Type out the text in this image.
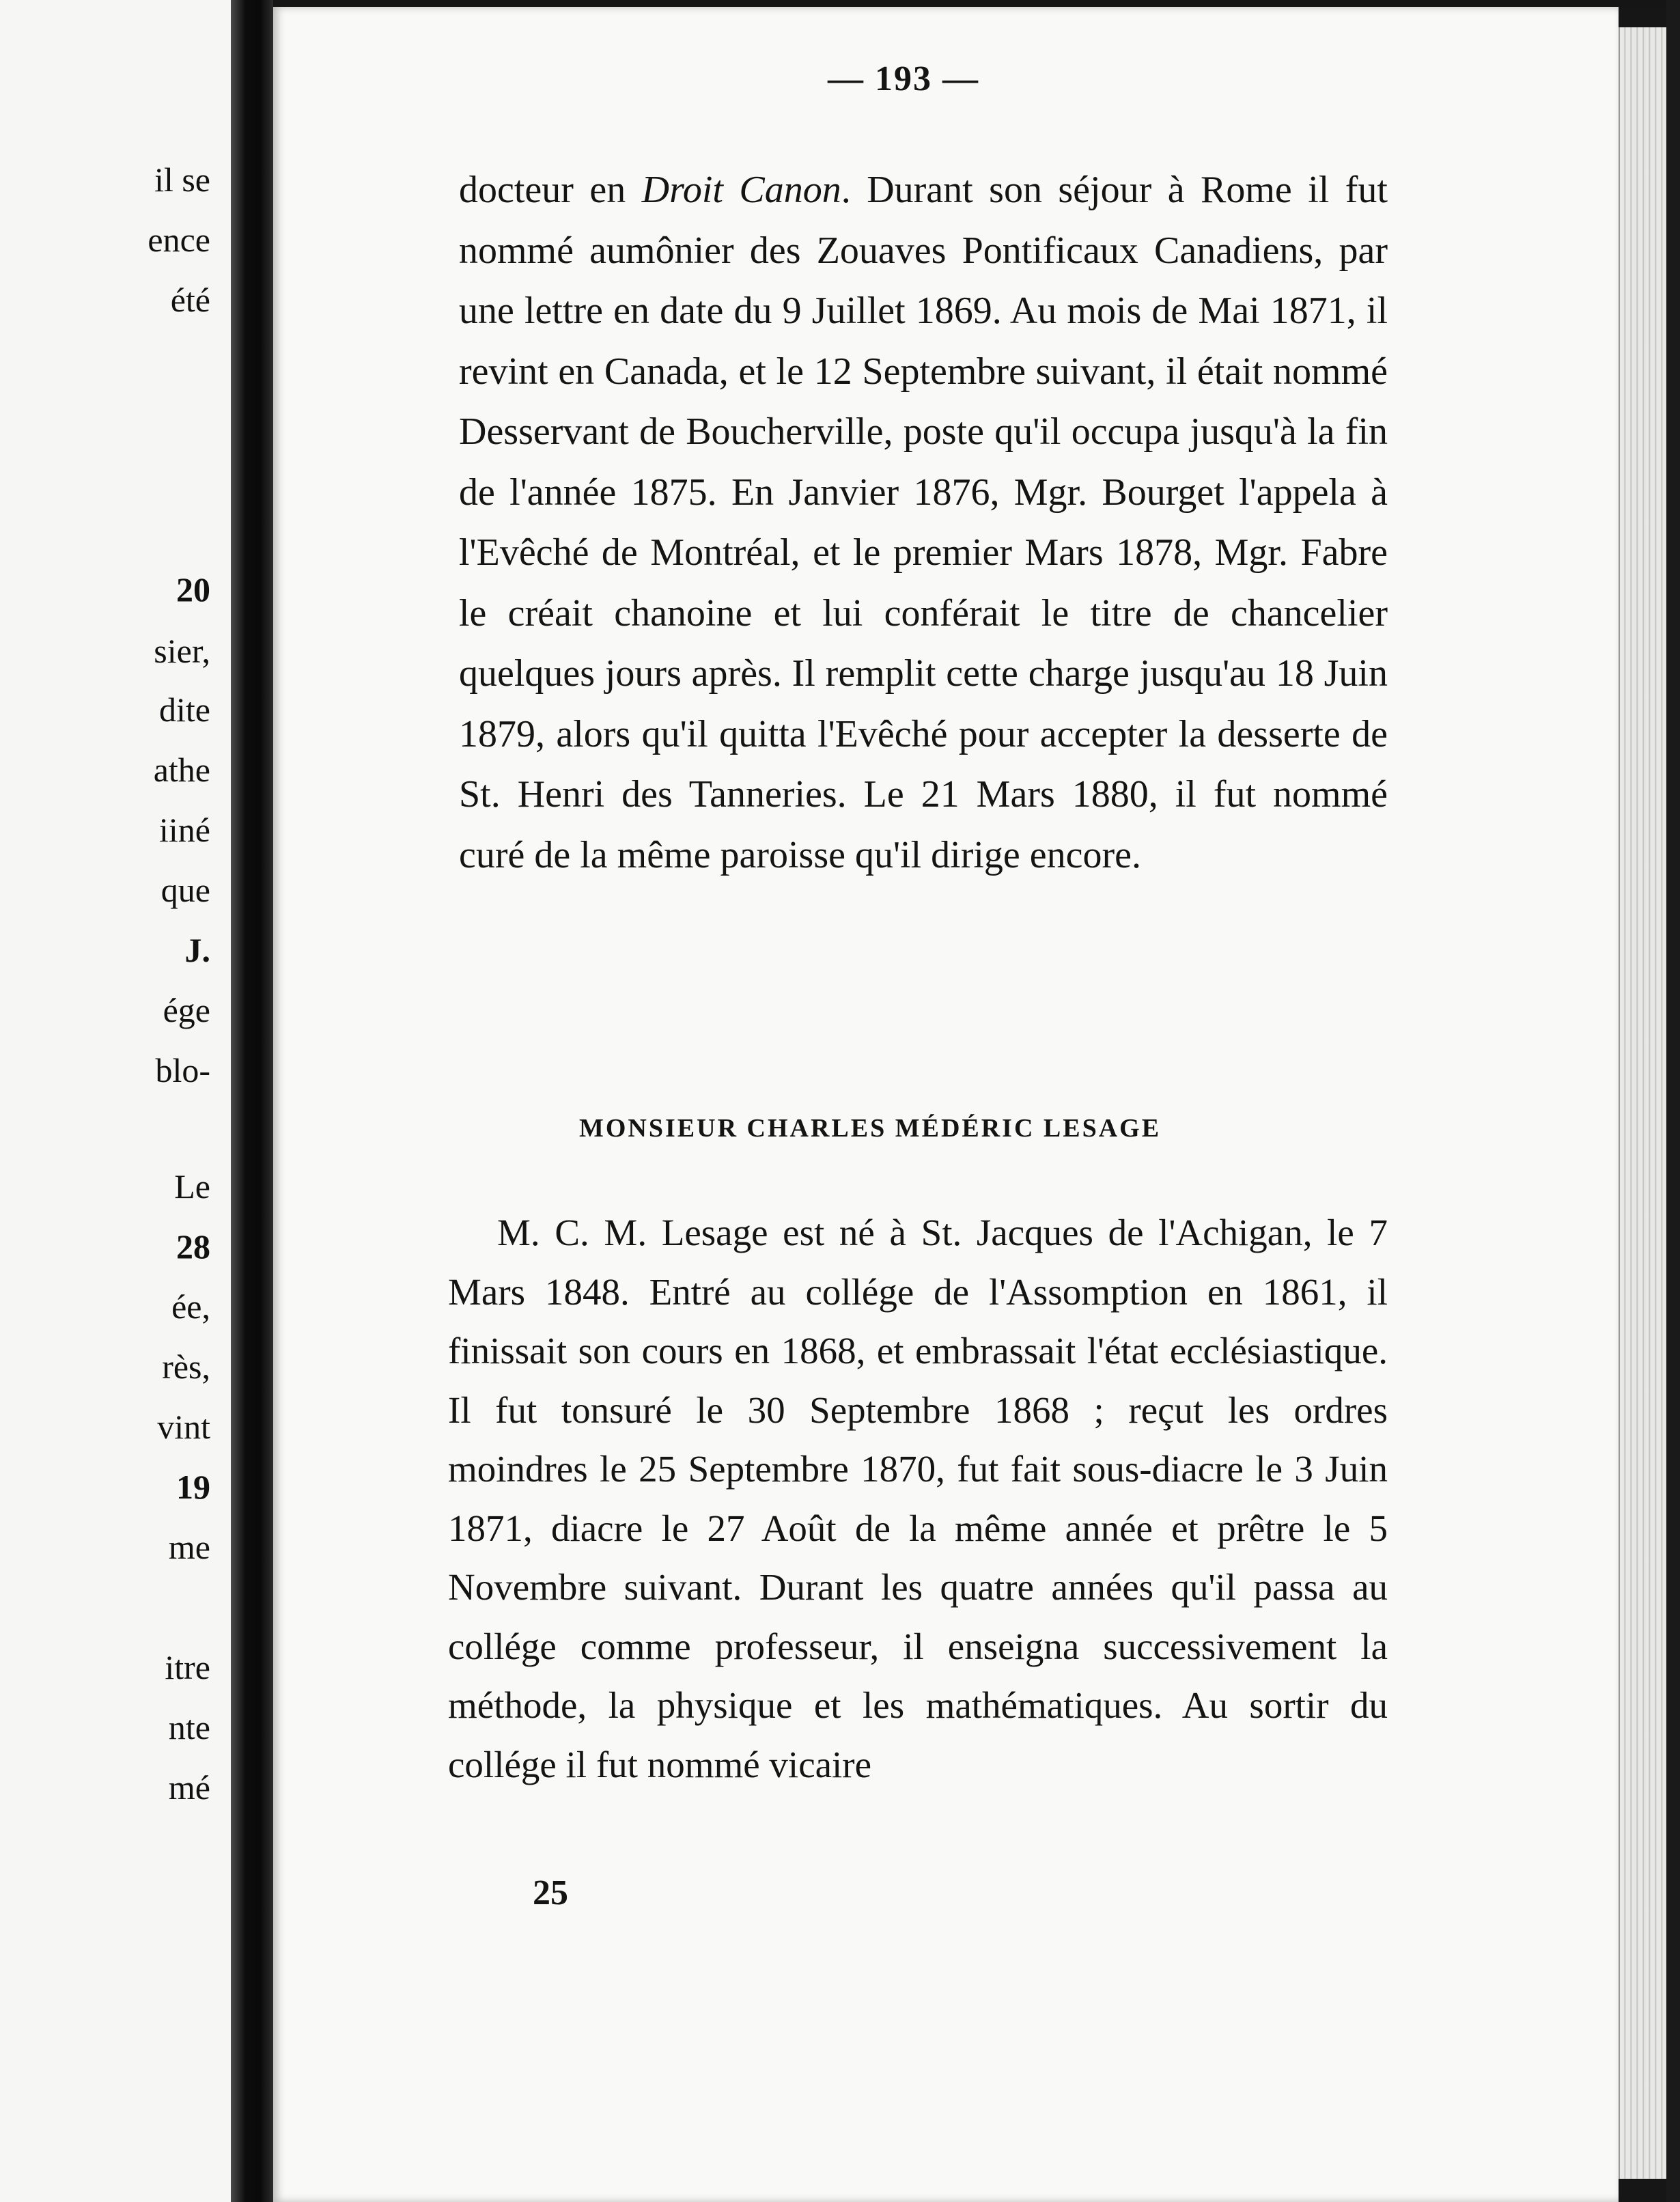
il se
ence
été
20
sier,
dite
athe
iiné
que
J.
ége
blo-
Le
28
ée,
rès,
vint
19
me
itre
nte
mé
— 193 —

docteur en Droit Canon. Durant son séjour à Rome il fut nommé aumônier des Zouaves Pontificaux Canadiens, par une lettre en date du 9 Juillet 1869. Au mois de Mai 1871, il revint en Canada, et le 12 Septembre suivant, il était nommé Desservant de Boucherville, poste qu'il occupa jusqu'à la fin de l'année 1875. En Janvier 1876, Mgr. Bourget l'appela à l'Evêché de Montréal, et le premier Mars 1878, Mgr. Fabre le créait chanoine et lui conférait le titre de chancelier quelques jours après. Il remplit cette charge jusqu'au 18 Juin 1879, alors qu'il quitta l'Evêché pour accepter la desserte de St. Henri des Tanneries. Le 21 Mars 1880, il fut nommé curé de la même paroisse qu'il dirige encore.

MONSIEUR CHARLES MÉDÉRIC LESAGE

M. C. M. Lesage est né à St. Jacques de l'Achigan, le 7 Mars 1848. Entré au collége de l'Assomption en 1861, il finissait son cours en 1868, et embrassait l'état ecclésiastique. Il fut tonsuré le 30 Septembre 1868 ; reçut les ordres moindres le 25 Septembre 1870, fut fait sous-diacre le 3 Juin 1871, diacre le 27 Août de la même année et prêtre le 5 Novembre suivant. Durant les quatre années qu'il passa au collége comme professeur, il enseigna successivement la méthode, la physique et les mathématiques. Au sortir du collége il fut nommé vicaire

25
